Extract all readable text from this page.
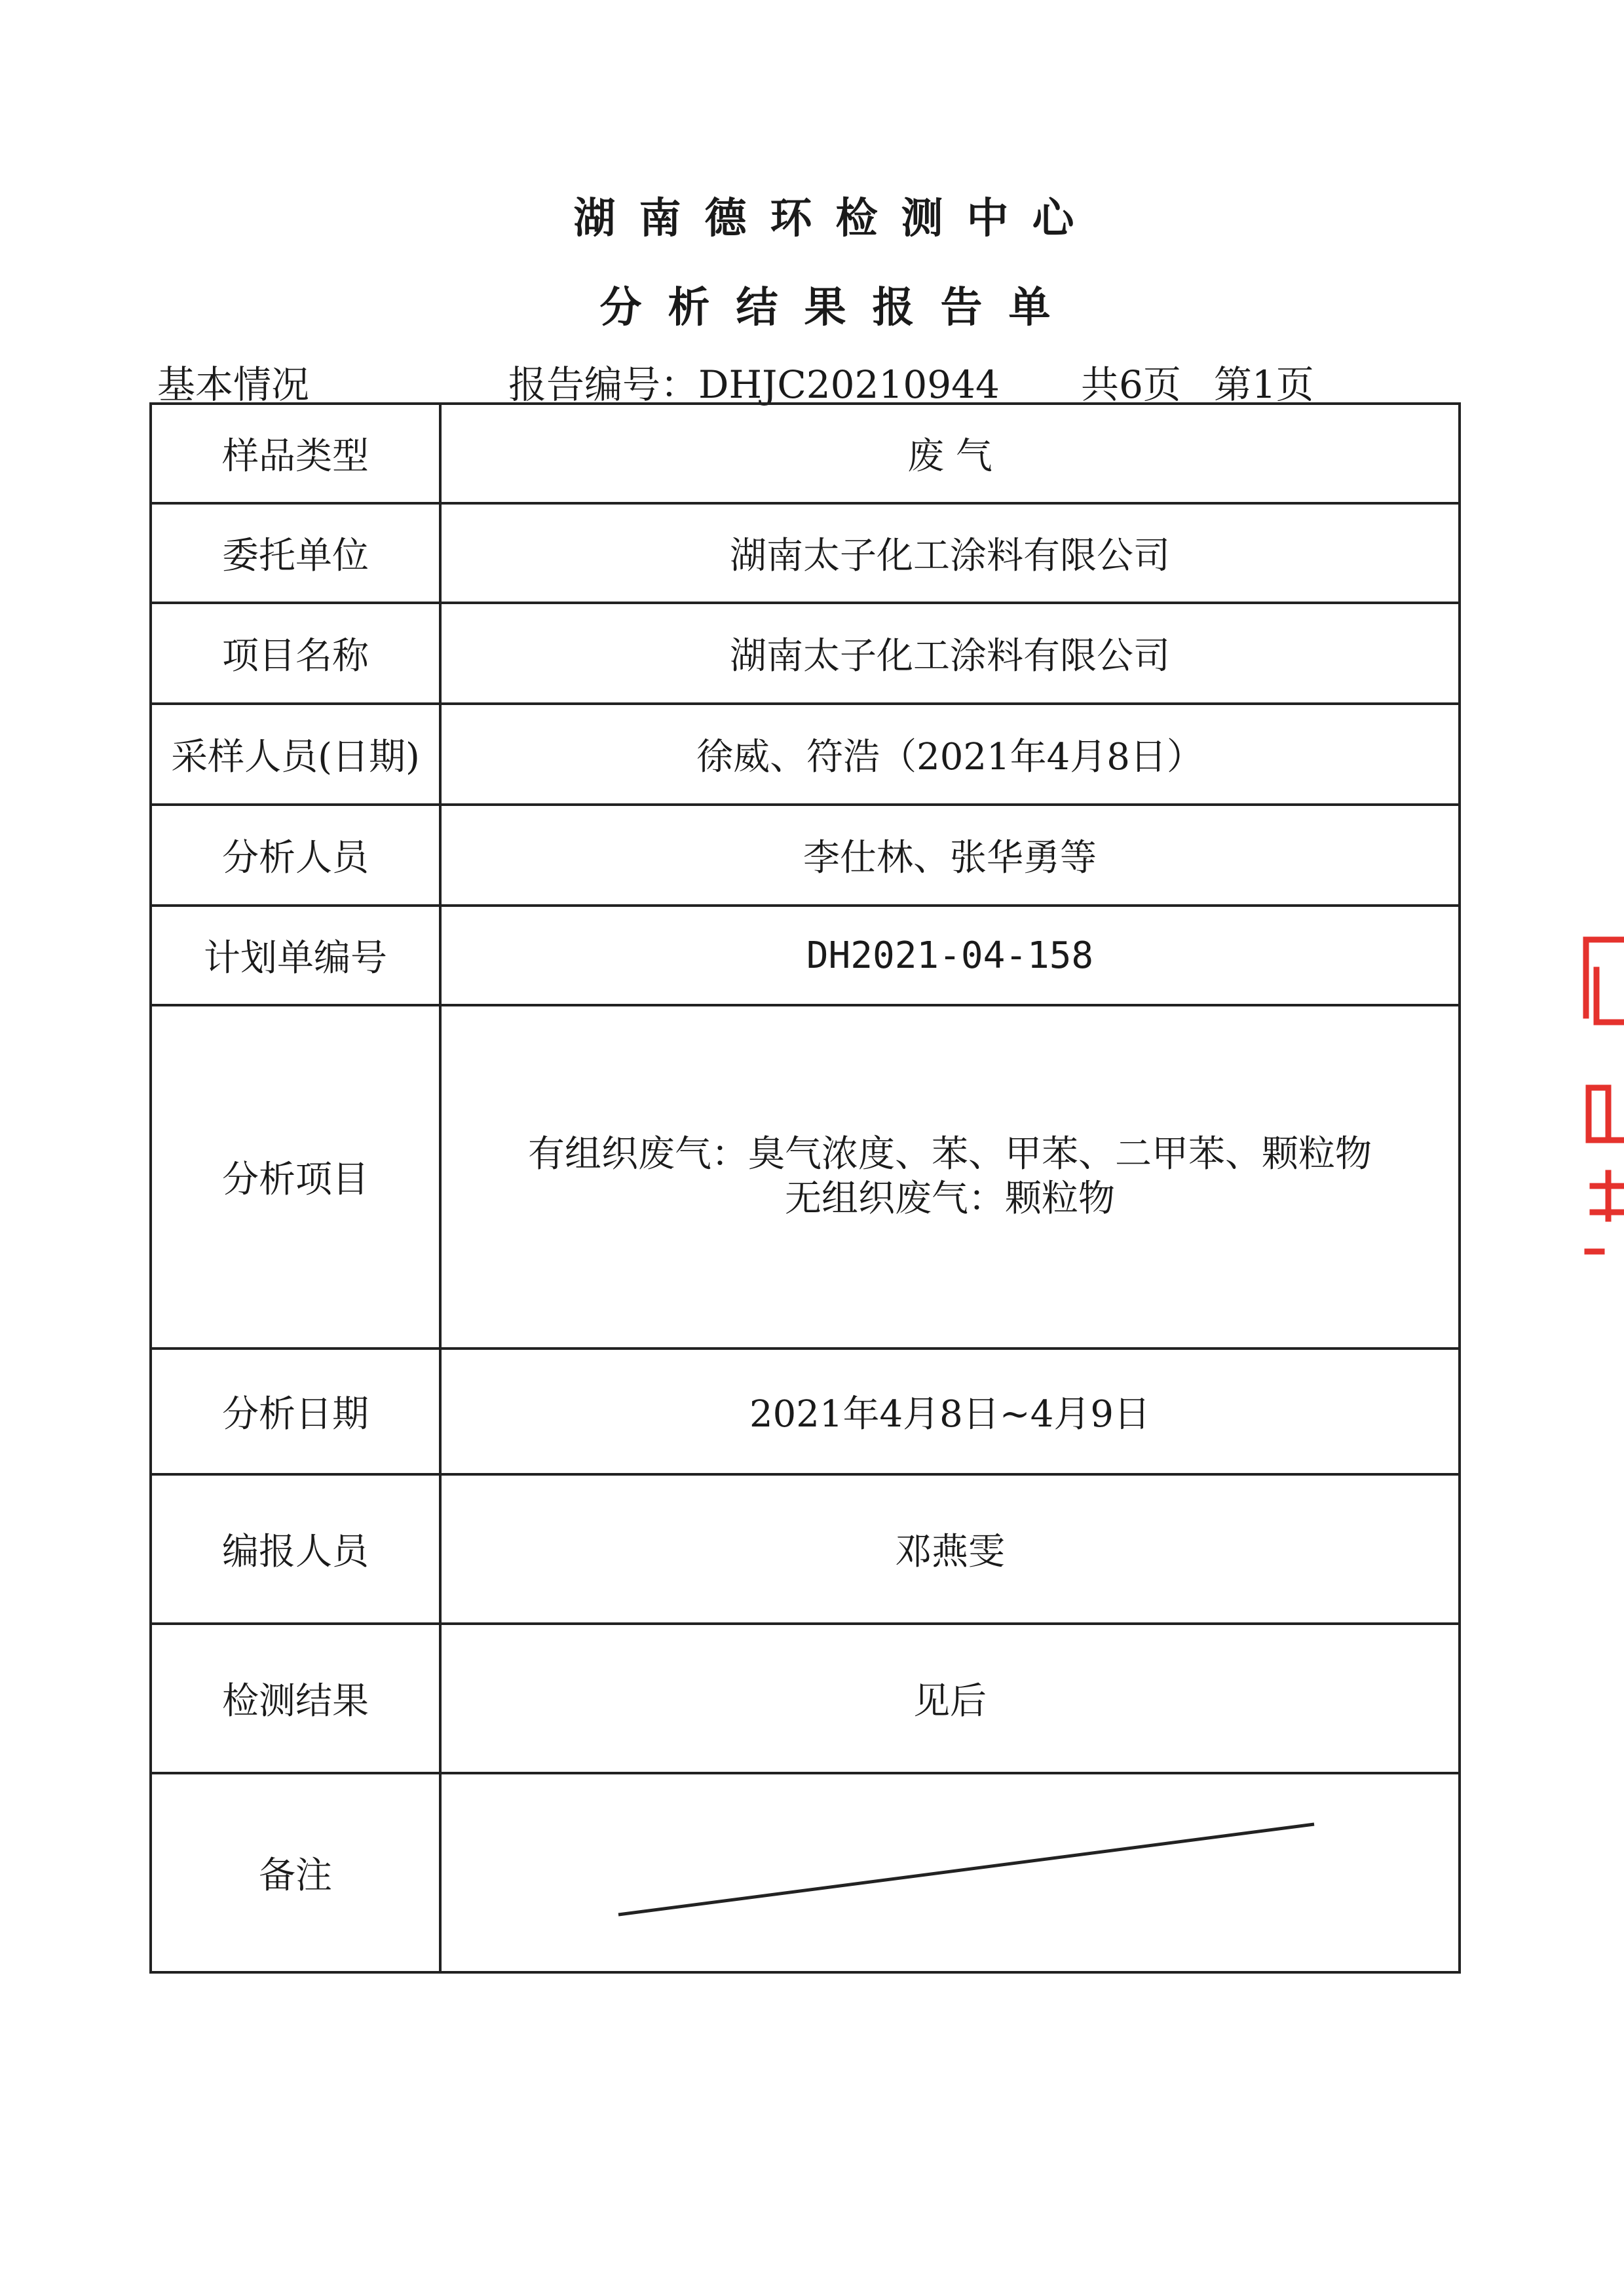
湖南德环检测中心
分析结果报告单
基本情况	报告编号：DHJC20210944 共6页 第1页
样品类型	废 气
委托单位	湖南太子化工涂料有限公司
项目名称	湖南太子化工涂料有限公司
采样人员(日期)	徐威、符浩（2021年4月8日）
分析人员	李仕林、张华勇等
计划单编号	DH2021-04-158
分析项目	有组织废气：臭气浓度、苯、甲苯、二甲苯、颗粒物
无组织废气：颗粒物

分析日期	2021年4月8日~4月9日
编报人员	邓燕雯
检测结果	见后
备注	
